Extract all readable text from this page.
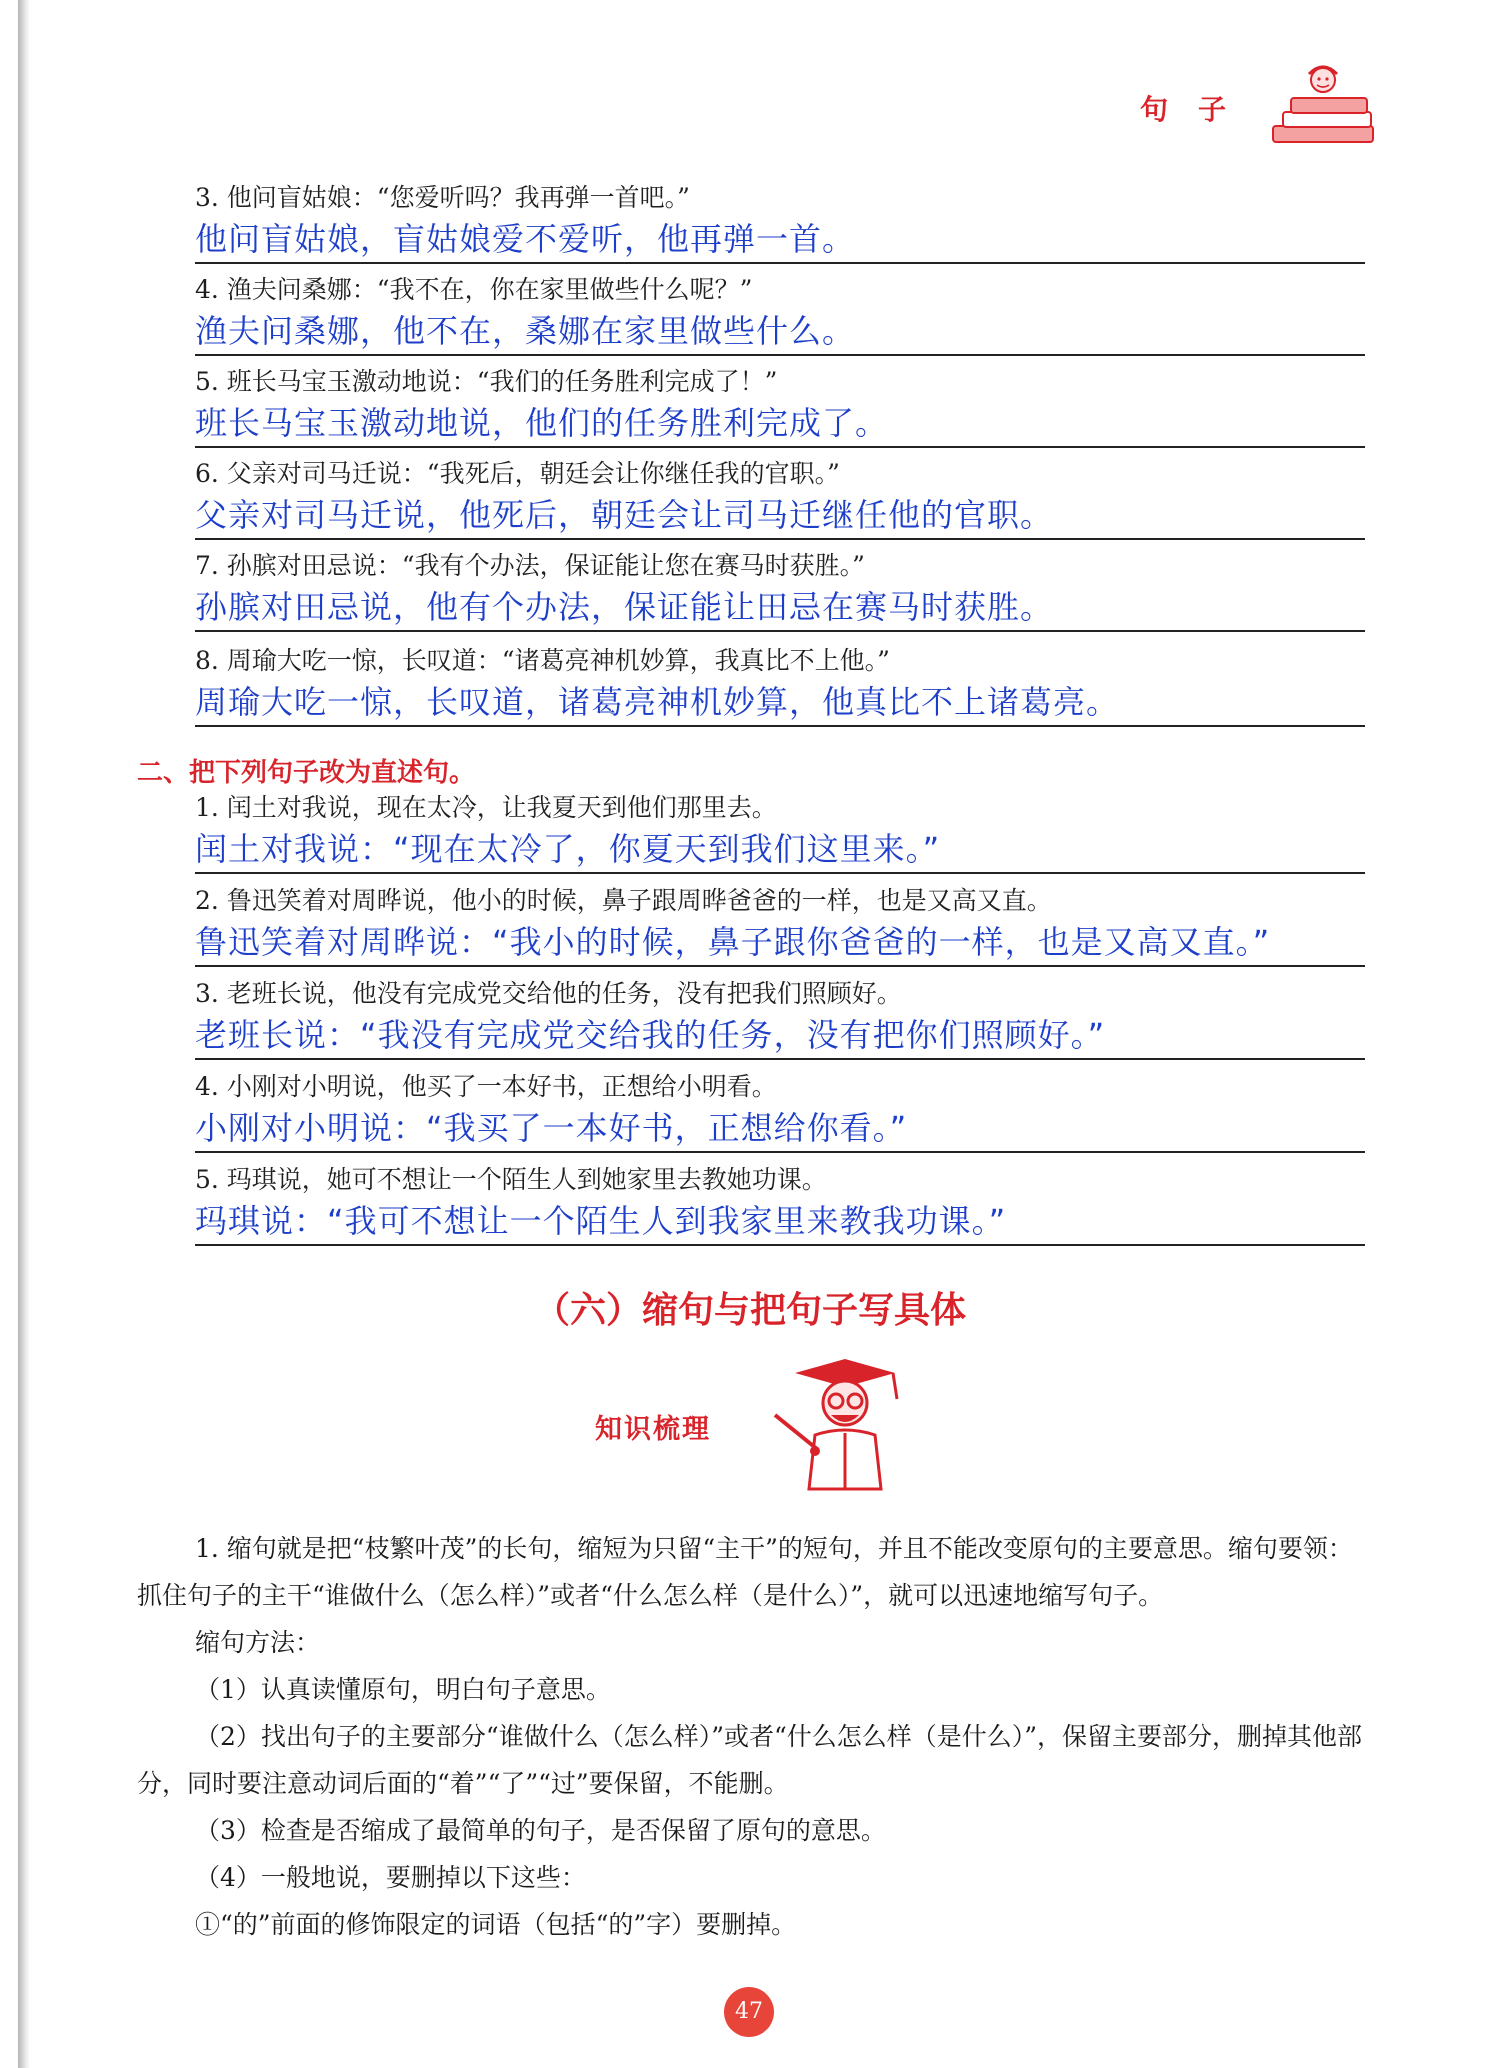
句子
3. 他问盲姑娘：“您爱听吗？我再弹一首吧。”
他问盲姑娘，盲姑娘爱不爱听，他再弹一首。
4. 渔夫问桑娜：“我不在，你在家里做些什么呢？”
渔夫问桑娜，他不在，桑娜在家里做些什么。
5. 班长马宝玉激动地说：“我们的任务胜利完成了！”
班长马宝玉激动地说，他们的任务胜利完成了。
6. 父亲对司马迁说：“我死后，朝廷会让你继任我的官职。”
父亲对司马迁说，他死后，朝廷会让司马迁继任他的官职。
7. 孙膑对田忌说：“我有个办法，保证能让您在赛马时获胜。”
孙膑对田忌说，他有个办法，保证能让田忌在赛马时获胜。
8. 周瑜大吃一惊，长叹道：“诸葛亮神机妙算，我真比不上他。”
周瑜大吃一惊，长叹道，诸葛亮神机妙算，他真比不上诸葛亮。
二、把下列句子改为直述句。
1. 闰土对我说，现在太冷，让我夏天到他们那里去。
闰土对我说：“现在太冷了，你夏天到我们这里来。”
2. 鲁迅笑着对周晔说，他小的时候，鼻子跟周晔爸爸的一样，也是又高又直。
鲁迅笑着对周晔说：“我小的时候，鼻子跟你爸爸的一样，也是又高又直。”
3. 老班长说，他没有完成党交给他的任务，没有把我们照顾好。
老班长说：“我没有完成党交给我的任务，没有把你们照顾好。”
4. 小刚对小明说，他买了一本好书，正想给小明看。
小刚对小明说：“我买了一本好书，正想给你看。”
5. 玛琪说，她可不想让一个陌生人到她家里去教她功课。
玛琪说：“我可不想让一个陌生人到我家里来教我功课。”
（六）缩句与把句子写具体
知识梳理

1. 缩句就是把“枝繁叶茂”的长句，缩短为只留“主干”的短句，并且不能改变原句的主要意思。缩句要领：抓住句子的主干“谁做什么（怎么样）”或者“什么怎么样（是什么）”，就可以迅速地缩写句子。

缩句方法：

（1）认真读懂原句，明白句子意思。

（2）找出句子的主要部分“谁做什么（怎么样）”或者“什么怎么样（是什么）”，保留主要部分，删掉其他部分，同时要注意动词后面的“着”“了”“过”要保留，不能删。

（3）检查是否缩成了最简单的句子，是否保留了原句的意思。

（4）一般地说，要删掉以下这些：

①“的”前面的修饰限定的词语（包括“的”字）要删掉。

47
